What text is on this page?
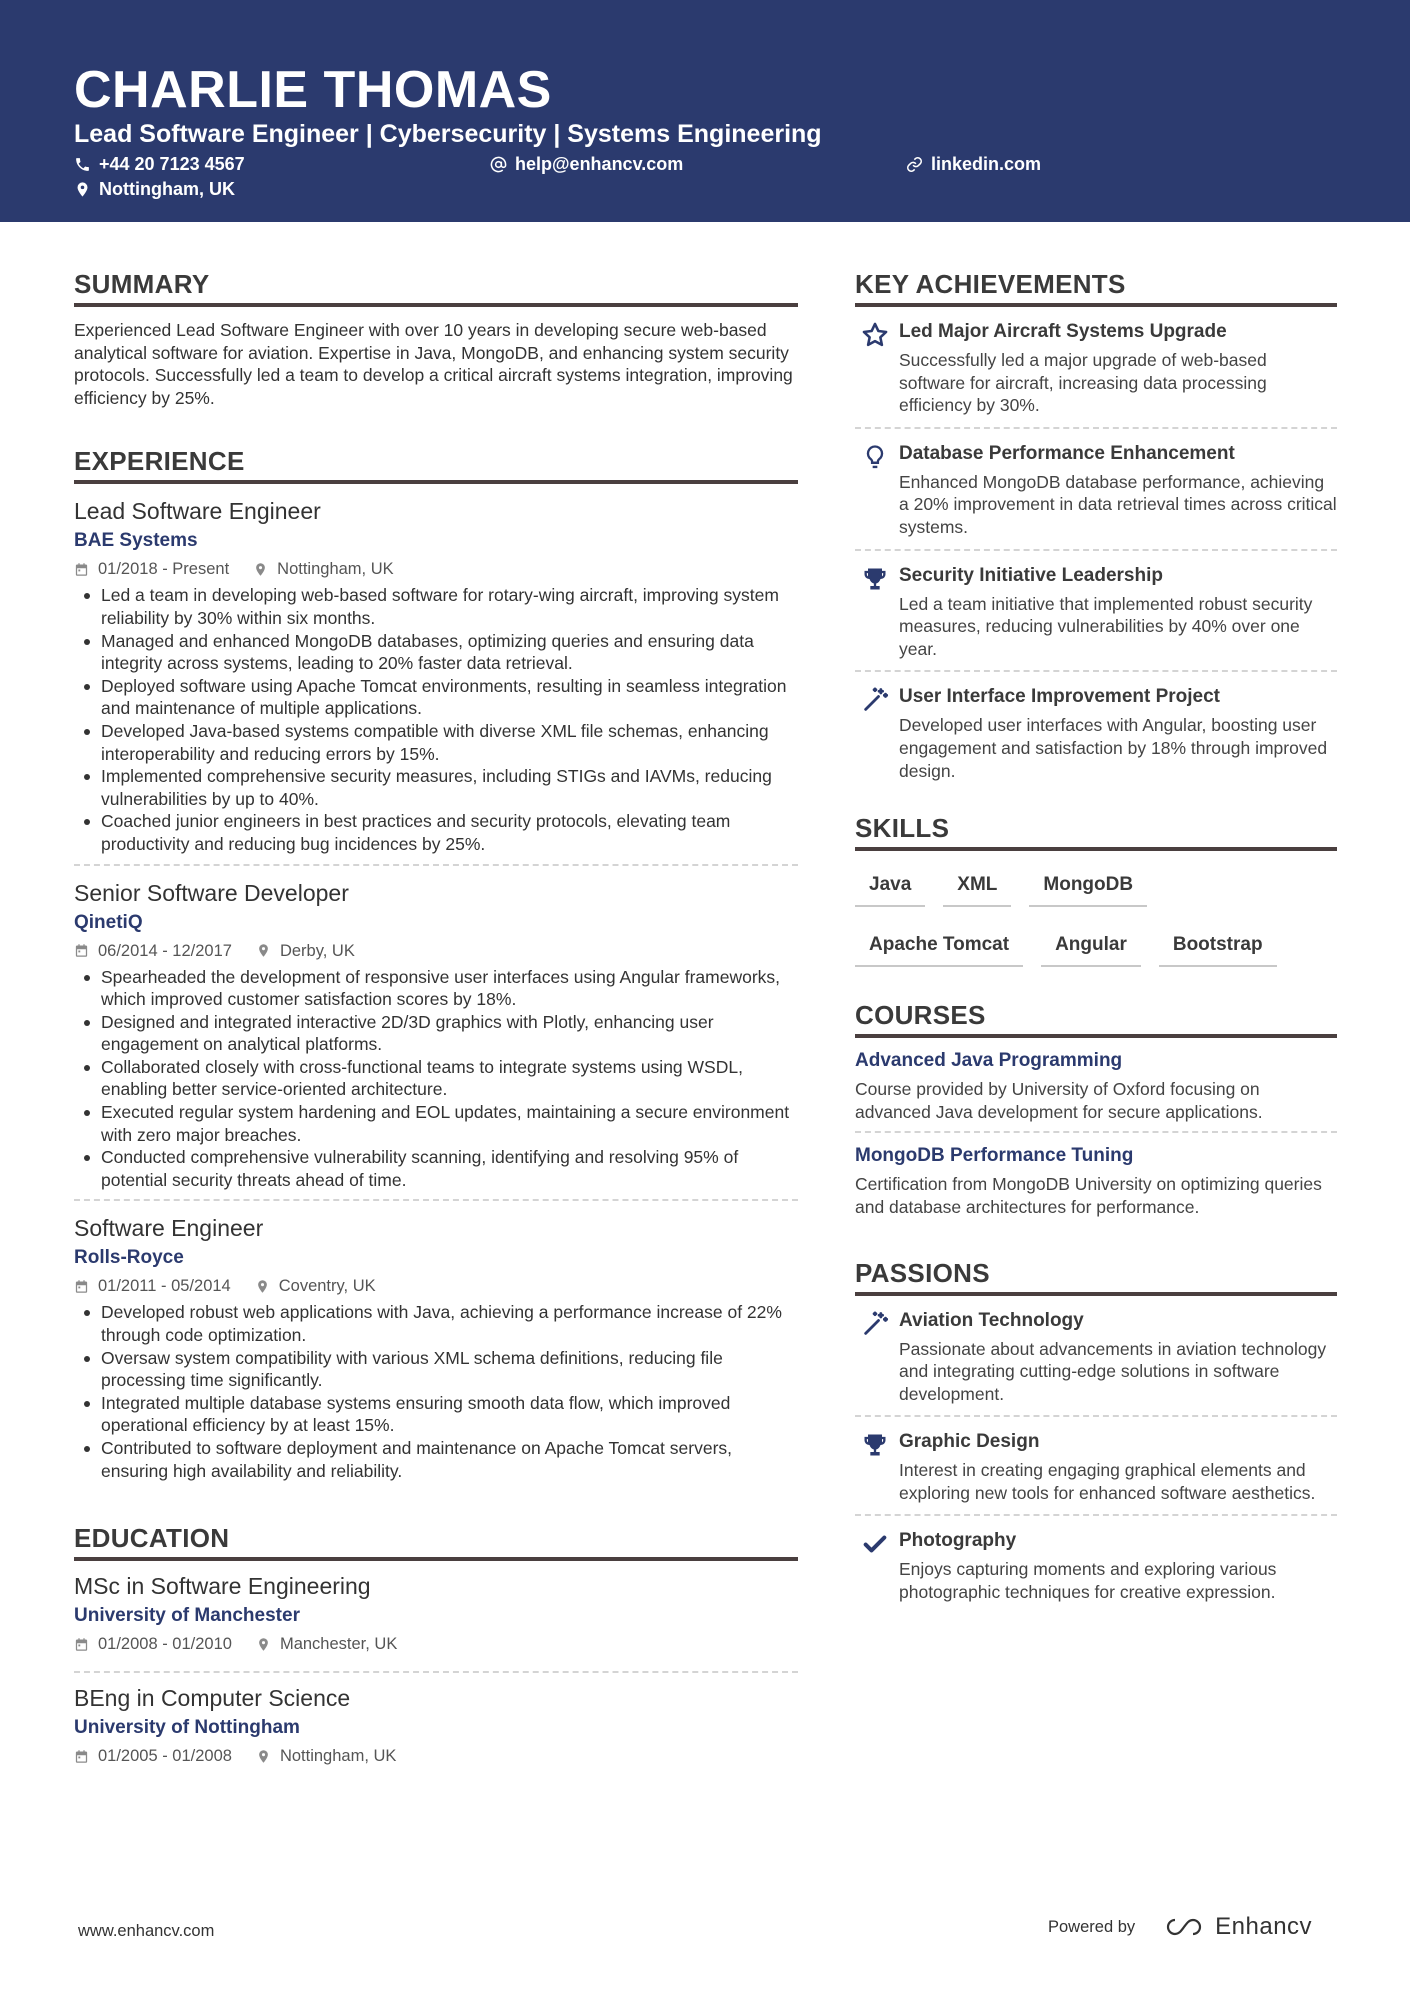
CHARLIE THOMAS
Lead Software Engineer | Cybersecurity | Systems Engineering
+44 20 7123 4567	help@enhancv.com	linkedin.com
Nottingham, UK
SUMMARY
Experienced Lead Software Engineer with over 10 years in developing secure web-based analytical software for aviation. Expertise in Java, MongoDB, and enhancing system security protocols. Successfully led a team to develop a critical aircraft systems integration, improving efficiency by 25%.
EXPERIENCE
Lead Software Engineer
BAE Systems
01/2018 - Present	Nottingham, UK
Led a team in developing web-based software for rotary-wing aircraft, improving system reliability by 30% within six months.
Managed and enhanced MongoDB databases, optimizing queries and ensuring data integrity across systems, leading to 20% faster data retrieval.
Deployed software using Apache Tomcat environments, resulting in seamless integration and maintenance of multiple applications.
Developed Java-based systems compatible with diverse XML file schemas, enhancing interoperability and reducing errors by 15%.
Implemented comprehensive security measures, including STIGs and IAVMs, reducing vulnerabilities by up to 40%.
Coached junior engineers in best practices and security protocols, elevating team productivity and reducing bug incidences by 25%.
Senior Software Developer
QinetiQ
06/2014 - 12/2017	Derby, UK
Spearheaded the development of responsive user interfaces using Angular frameworks, which improved customer satisfaction scores by 18%.
Designed and integrated interactive 2D/3D graphics with Plotly, enhancing user engagement on analytical platforms.
Collaborated closely with cross-functional teams to integrate systems using WSDL, enabling better service-oriented architecture.
Executed regular system hardening and EOL updates, maintaining a secure environment with zero major breaches.
Conducted comprehensive vulnerability scanning, identifying and resolving 95% of potential security threats ahead of time.
Software Engineer
Rolls-Royce
01/2011 - 05/2014	Coventry, UK
Developed robust web applications with Java, achieving a performance increase of 22% through code optimization.
Oversaw system compatibility with various XML schema definitions, reducing file processing time significantly.
Integrated multiple database systems ensuring smooth data flow, which improved operational efficiency by at least 15%.
Contributed to software deployment and maintenance on Apache Tomcat servers, ensuring high availability and reliability.
EDUCATION
MSc in Software Engineering
University of Manchester
01/2008 - 01/2010	Manchester, UK
BEng in Computer Science
University of Nottingham
01/2005 - 01/2008	Nottingham, UK
KEY ACHIEVEMENTS
Led Major Aircraft Systems Upgrade
Successfully led a major upgrade of web-based software for aircraft, increasing data processing efficiency by 30%.
Database Performance Enhancement
Enhanced MongoDB database performance, achieving a 20% improvement in data retrieval times across critical systems.
Security Initiative Leadership
Led a team initiative that implemented robust security measures, reducing vulnerabilities by 40% over one year.
User Interface Improvement Project
Developed user interfaces with Angular, boosting user engagement and satisfaction by 18% through improved design.
SKILLS
Java	XML	MongoDB
Apache Tomcat	Angular	Bootstrap
COURSES
Advanced Java Programming
Course provided by University of Oxford focusing on advanced Java development for secure applications.
MongoDB Performance Tuning
Certification from MongoDB University on optimizing queries and database architectures for performance.
PASSIONS
Aviation Technology
Passionate about advancements in aviation technology and integrating cutting-edge solutions in software development.
Graphic Design
Interest in creating engaging graphical elements and exploring new tools for enhanced software aesthetics.
Photography
Enjoys capturing moments and exploring various photographic techniques for creative expression.
www.enhancv.com	Powered by	Enhancv
